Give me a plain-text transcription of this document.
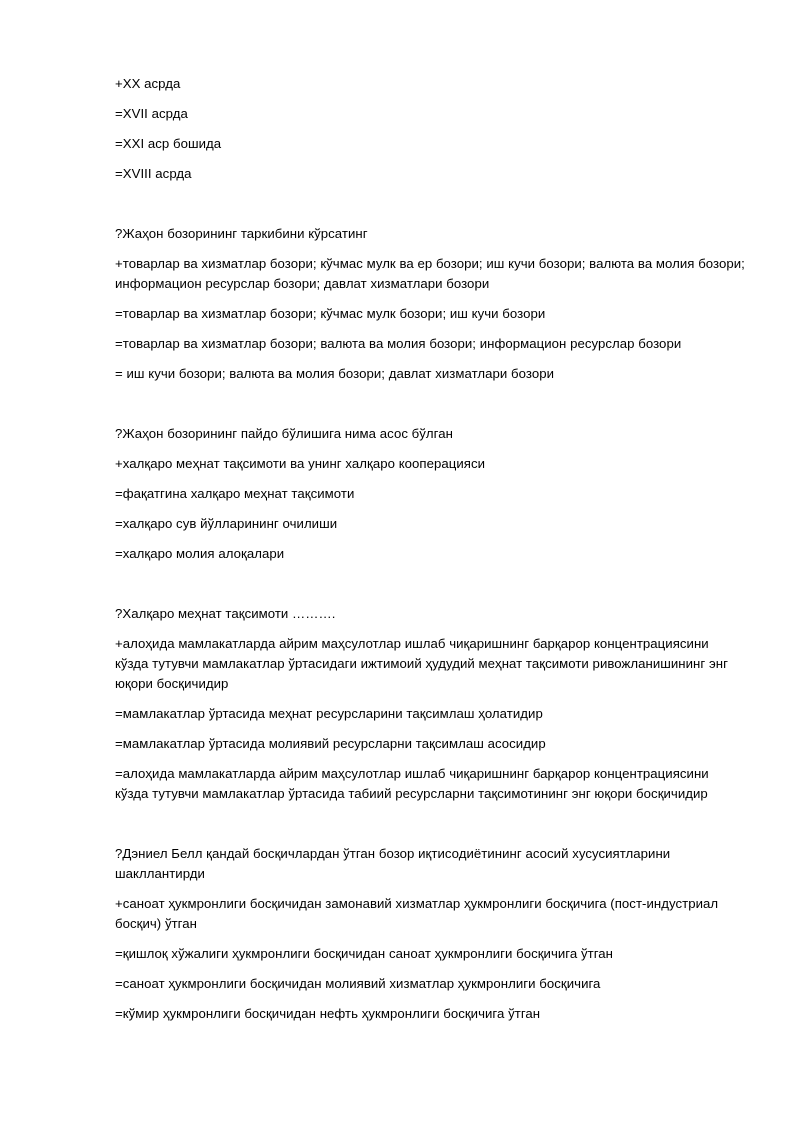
+XX асрда

=XVII асрда

=XXI аср бошида

=XVIII асрда

?Жаҳон бозорининг таркибини кўрсатинг

+товарлар ва хизматлар бозори; кўчмас мулк ва ер бозори; иш кучи бозори; валюта ва молия бозори; информацион ресурслар бозори; давлат хизматлари бозори

=товарлар ва хизматлар бозори; кўчмас мулк бозори; иш кучи бозори

=товарлар ва хизматлар бозори; валюта ва молия бозори; информацион ресурслар бозори

= иш кучи бозори; валюта ва молия бозори; давлат хизматлари бозори

?Жаҳон бозорининг пайдо бўлишига нима асос бўлган

+халқаро меҳнат тақсимоти ва унинг халқаро кооперацияси

=фақатгина халқаро меҳнат тақсимоти

=халқаро сув йўлларининг очилиши

=халқаро молия алоқалари

?Халқаро меҳнат тақсимоти ……….

+алоҳида мамлакатларда айрим маҳсулотлар ишлаб чиқаришнинг барқарор концентрациясини кўзда тутувчи мамлакатлар ўртасидаги ижтимоий ҳудудий меҳнат тақсимоти ривожланишининг энг юқори босқичидир

=мамлакатлар ўртасида меҳнат ресурсларини тақсимлаш ҳолатидир

=мамлакатлар ўртасида молиявий ресурсларни тақсимлаш асосидир

=алоҳида мамлакатларда айрим маҳсулотлар ишлаб чиқаришнинг барқарор концентрациясини кўзда тутувчи мамлакатлар ўртасида табиий ресурсларни тақсимотининг энг юқори босқичидир

?Дэниел Белл қандай босқичлардан ўтган бозор иқтисодиётининг асосий хусусиятларини шакллантирди

+саноат ҳукмронлиги босқичидан замонавий хизматлар ҳукмронлиги босқичига (пост-индустриал босқич) ўтган

=қишлоқ хўжалиги ҳукмронлиги босқичидан саноат ҳукмронлиги босқичига ўтган

=саноат ҳукмронлиги босқичидан молиявий хизматлар ҳукмронлиги босқичига

=кўмир ҳукмронлиги босқичидан нефть ҳукмронлиги босқичига ўтган
